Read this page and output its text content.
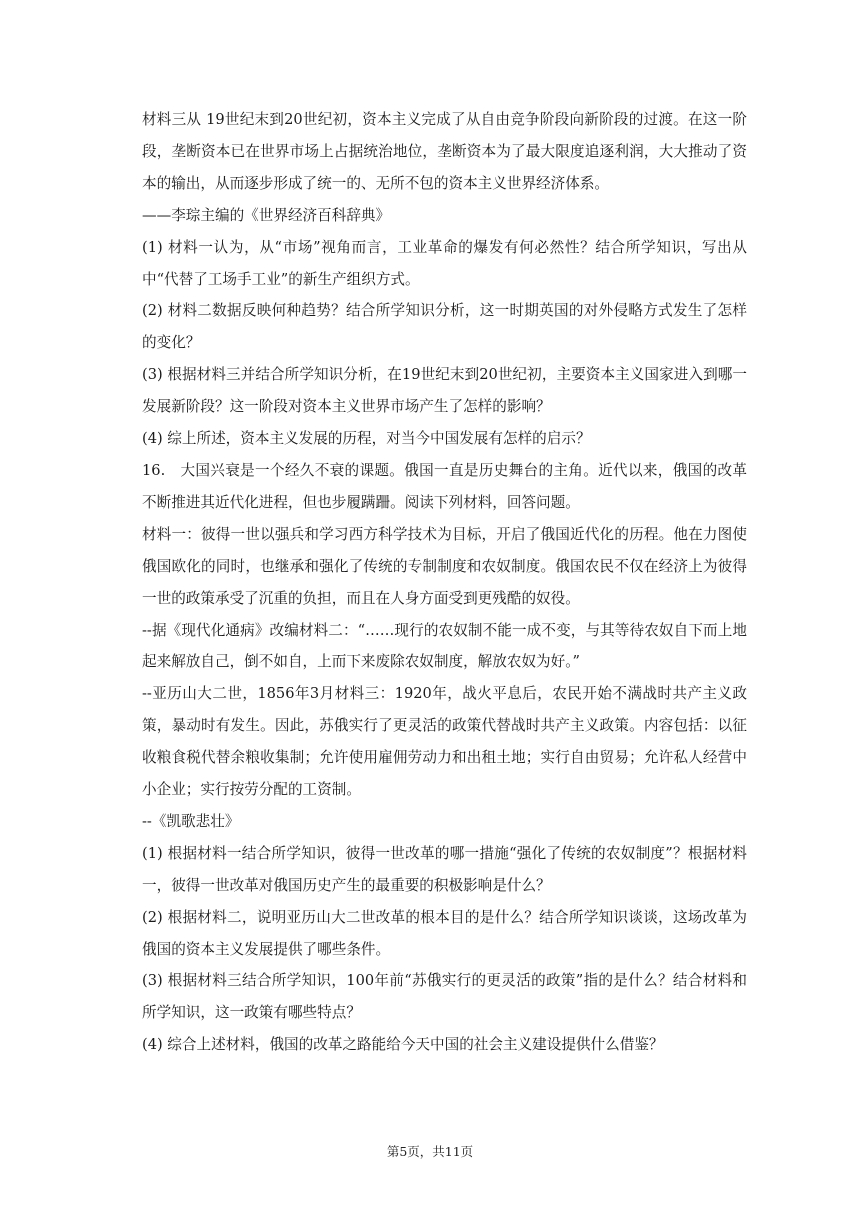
材料三从 19世纪末到20世纪初，资本主义完成了从自由竞争阶段向新阶段的过渡。在这一阶段，垄断资本已在世界市场上占据统治地位，垄断资本为了最大限度追逐利润，大大推动了资本的输出，从而逐步形成了统一的、无所不包的资本主义世界经济体系。

——李琮主编的《世界经济百科辞典》

(1) 材料一认为，从“市场”视角而言，工业革命的爆发有何必然性？结合所学知识，写出从中“代替了工场手工业”的新生产组织方式。

(2) 材料二数据反映何种趋势？结合所学知识分析，这一时期英国的对外侵略方式发生了怎样的变化？

(3) 根据材料三并结合所学知识分析，在19世纪末到20世纪初，主要资本主义国家进入到哪一发展新阶段？这一阶段对资本主义世界市场产生了怎样的影响？

(4) 综上所述，资本主义发展的历程，对当今中国发展有怎样的启示？

16.　大国兴衰是一个经久不衰的课题。俄国一直是历史舞台的主角。近代以来，俄国的改革不断推进其近代化进程，但也步履蹒跚。阅读下列材料，回答问题。

材料一：彼得一世以强兵和学习西方科学技术为目标，开启了俄国近代化的历程。他在力图使俄国欧化的同时，也继承和强化了传统的专制制度和农奴制度。俄国农民不仅在经济上为彼得一世的政策承受了沉重的负担，而且在人身方面受到更残酷的奴役。

--据《现代化通病》改编材料二：“……现行的农奴制不能一成不变，与其等待农奴自下而上地起来解放自己，倒不如自，上而下来废除农奴制度，解放农奴为好。”

--亚历山大二世，1856年3月材料三：1920年，战火平息后，农民开始不满战时共产主义政策，暴动时有发生。因此，苏俄实行了更灵活的政策代替战时共产主义政策。内容包括：以征收粮食税代替余粮收集制；允许使用雇佣劳动力和出租土地；实行自由贸易；允许私人经营中小企业；实行按劳分配的工资制。

--《凯歌悲壮》

(1) 根据材料一结合所学知识，彼得一世改革的哪一措施“强化了传统的农奴制度”？根据材料一，彼得一世改革对俄国历史产生的最重要的积极影响是什么？

(2) 根据材料二，说明亚历山大二世改革的根本目的是什么？结合所学知识谈谈，这场改革为俄国的资本主义发展提供了哪些条件。

(3) 根据材料三结合所学知识，100年前“苏俄实行的更灵活的政策”指的是什么？结合材料和所学知识，这一政策有哪些特点？

(4) 综合上述材料，俄国的改革之路能给今天中国的社会主义建设提供什么借鉴？

第5页，共11页
